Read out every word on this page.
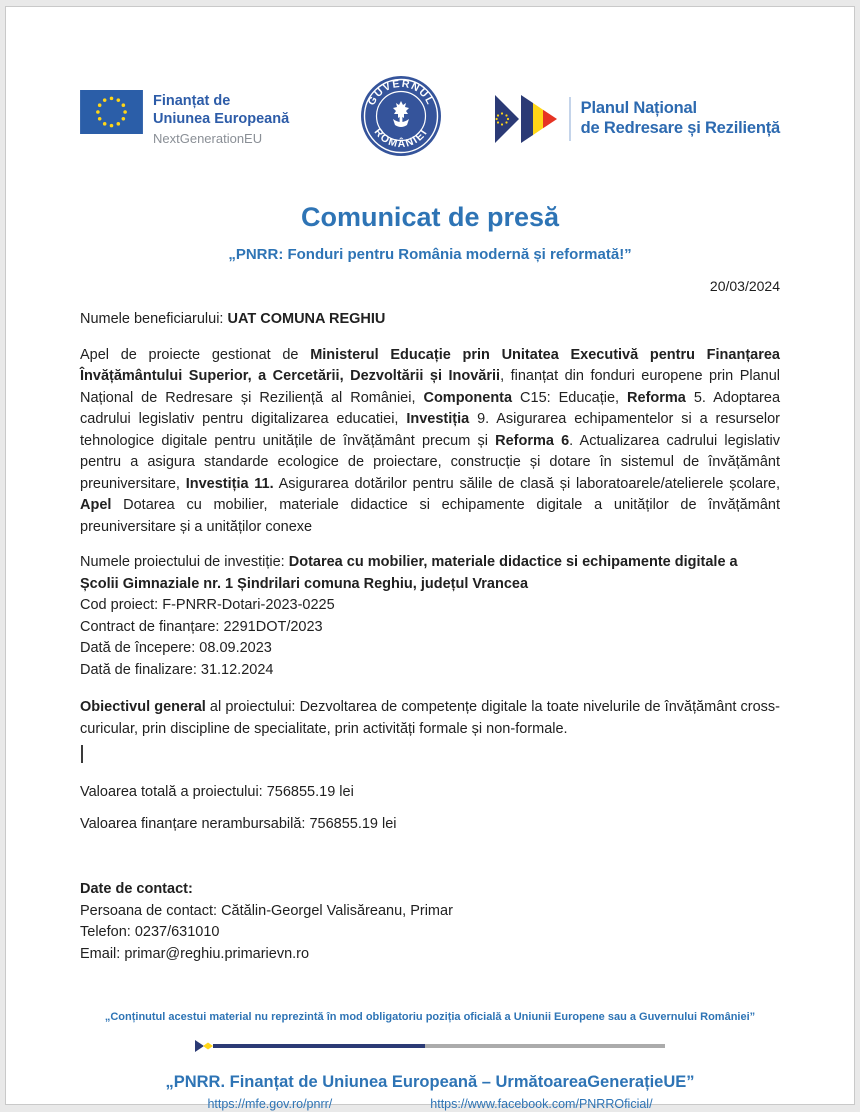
Finanțat de
Uniunea Europeană
NextGenerationEU
GUVERNUL
ROMÂNIEI
Planul Național
de Redresare și Reziliență
Comunicat de presă
„PNRR: Fonduri pentru România modernă și reformată!”
20/03/2024

Numele beneficiarului: UAT COMUNA REGHIU

Apel de proiecte gestionat de Ministerul Educație prin Unitatea Executivă pentru Finanțarea Învățământului Superior, a Cercetării, Dezvoltării și Inovării, finanțat din fonduri europene prin Planul Național de Redresare și Reziliență al României, Componenta C15: Educație, Reforma 5. Adoptarea cadrului legislativ pentru digitalizarea educatiei, Investiția 9. Asigurarea echipamentelor si a resurselor tehnologice digitale pentru unitățile de învățământ precum și Reforma 6. Actualizarea cadrului legislativ pentru a asigura standarde ecologice de proiectare, construcție și dotare în sistemul de învățământ preuniversitare, Investiția 11. Asigurarea dotărilor pentru sălile de clasă și laboratoarele/atelierele școlare, Apel Dotarea cu mobilier, materiale didactice si echipamente digitale a unităților de învățământ preuniversitare și a unităților conexe

Numele proiectului de investiție: Dotarea cu mobilier, materiale didactice si echipamente digitale a Școlii Gimnaziale nr. 1 Șindrilari comuna Reghiu, județul Vrancea

Cod proiect: F-PNRR-Dotari-2023-0225

Contract de finanțare: 2291DOT/2023

Dată de începere: 08.09.2023

Dată de finalizare: 31.12.2024

Obiectivul general al proiectului: Dezvoltarea de competențe digitale la toate nivelurile de învățământ cross-curicular, prin discipline de specialitate, prin activități formale și non-formale.

Valoarea totală a proiectului: 756855.19 lei

Valoarea finanțare nerambursabilă: 756855.19 lei

Date de contact:

Persoana de contact: Cătălin-Georgel Valisăreanu, Primar

Telefon: 0237/631010

Email: primar@reghiu.primarievn.ro

„Conținutul acestui material nu reprezintă în mod obligatoriu poziția oficială a Uniunii Europene sau a Guvernului României”
„PNRR. Finanțat de Uniunea Europeană – UrmătoareaGenerațieUE”
https://mfe.gov.ro/pnrr/	https://www.facebook.com/PNRROficial/
